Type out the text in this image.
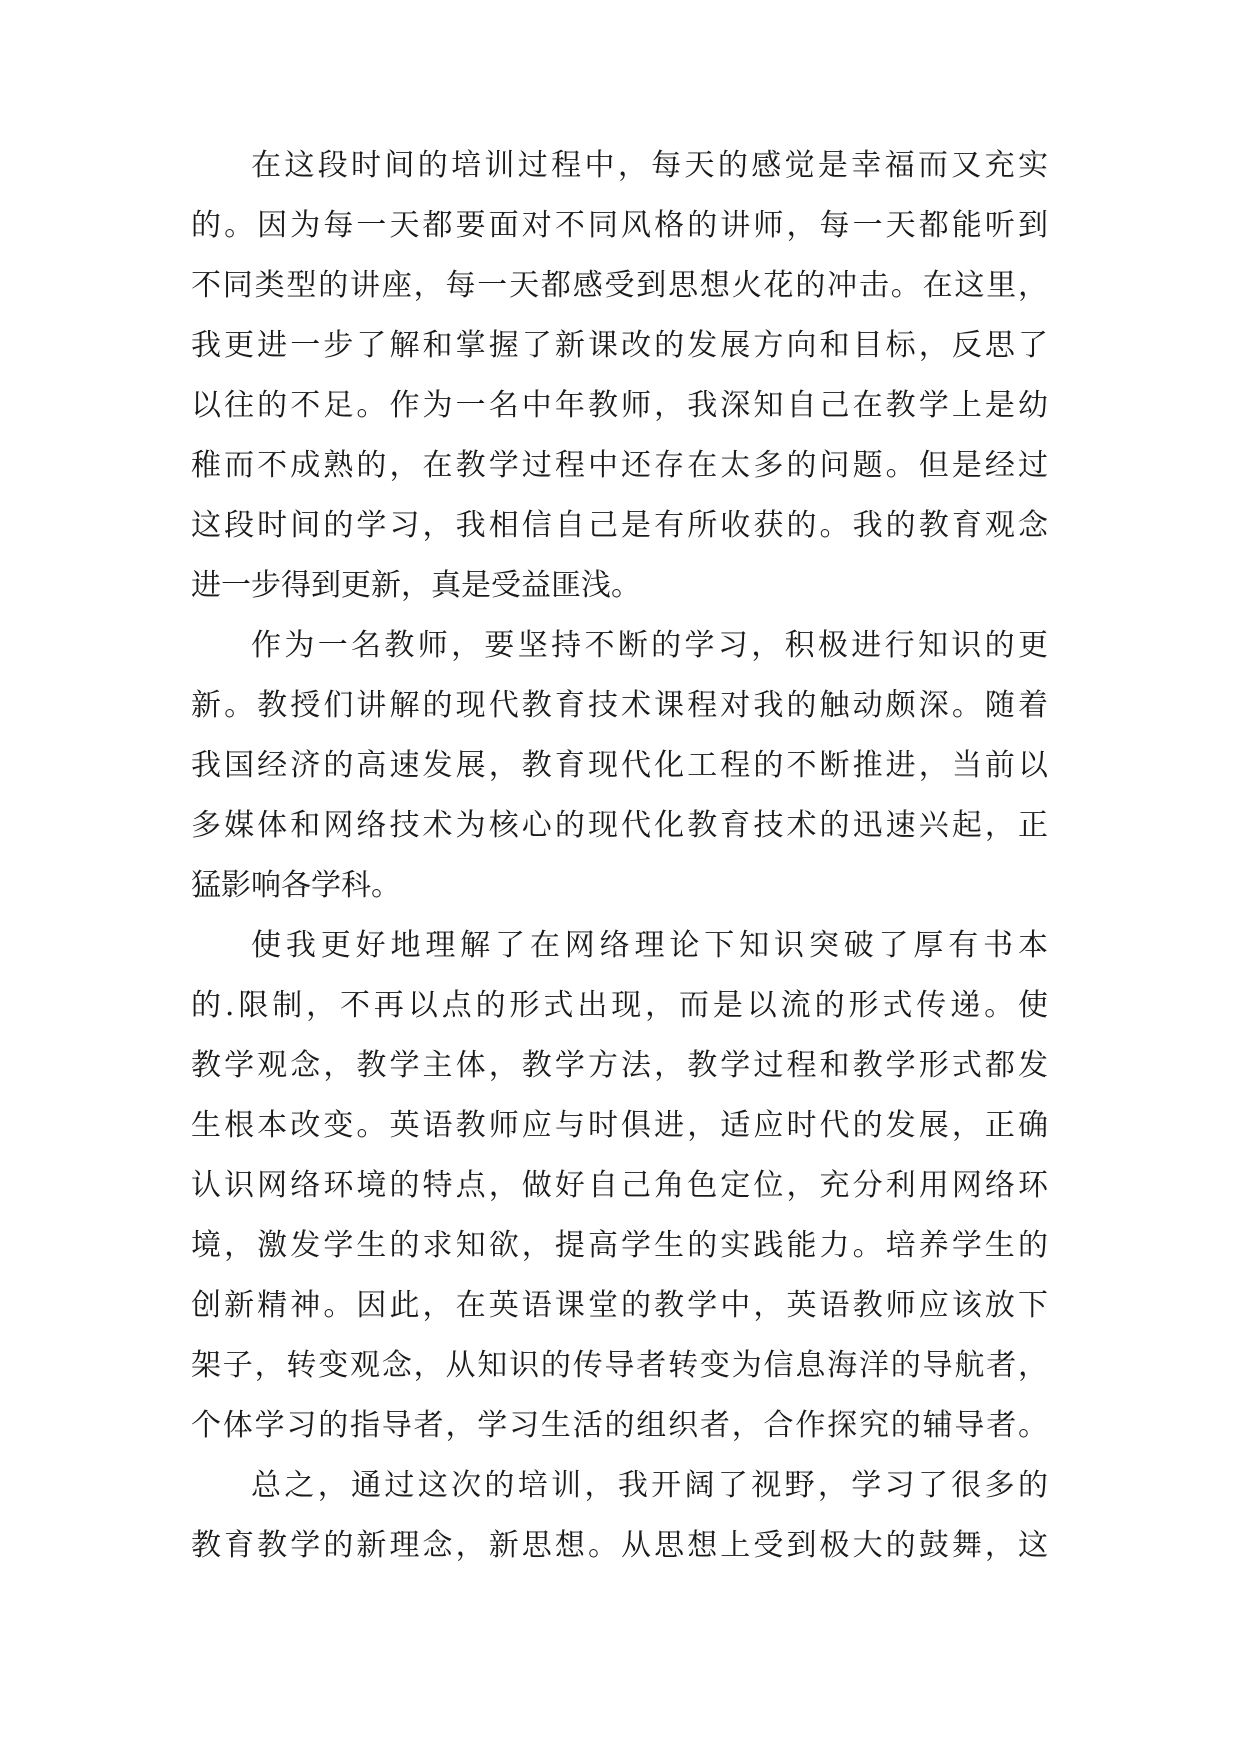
在这段时间的培训过程中，每天的感觉是幸福而又充实
的。因为每一天都要面对不同风格的讲师，每一天都能听到
不同类型的讲座，每一天都感受到思想火花的冲击。在这里，
我更进一步了解和掌握了新课改的发展方向和目标，反思了
以往的不足。作为一名中年教师，我深知自己在教学上是幼
稚而不成熟的，在教学过程中还存在太多的问题。但是经过
这段时间的学习，我相信自己是有所收获的。我的教育观念
进一步得到更新，真是受益匪浅。
作为一名教师，要坚持不断的学习，积极进行知识的更
新。教授们讲解的现代教育技术课程对我的触动颇深。随着
我国经济的高速发展，教育现代化工程的不断推进，当前以
多媒体和网络技术为核心的现代化教育技术的迅速兴起，正
猛影响各学科。
使我更好地理解了在网络理论下知识突破了厚有书本
的.限制，不再以点的形式出现，而是以流的形式传递。使
教学观念，教学主体，教学方法，教学过程和教学形式都发
生根本改变。英语教师应与时俱进，适应时代的发展，正确
认识网络环境的特点，做好自己角色定位，充分利用网络环
境，激发学生的求知欲，提高学生的实践能力。培养学生的
创新精神。因此，在英语课堂的教学中，英语教师应该放下
架子，转变观念，从知识的传导者转变为信息海洋的导航者，
个体学习的指导者，学习生活的组织者，合作探究的辅导者。
总之，通过这次的培训，我开阔了视野，学习了很多的
教育教学的新理念，新思想。从思想上受到极大的鼓舞，这
